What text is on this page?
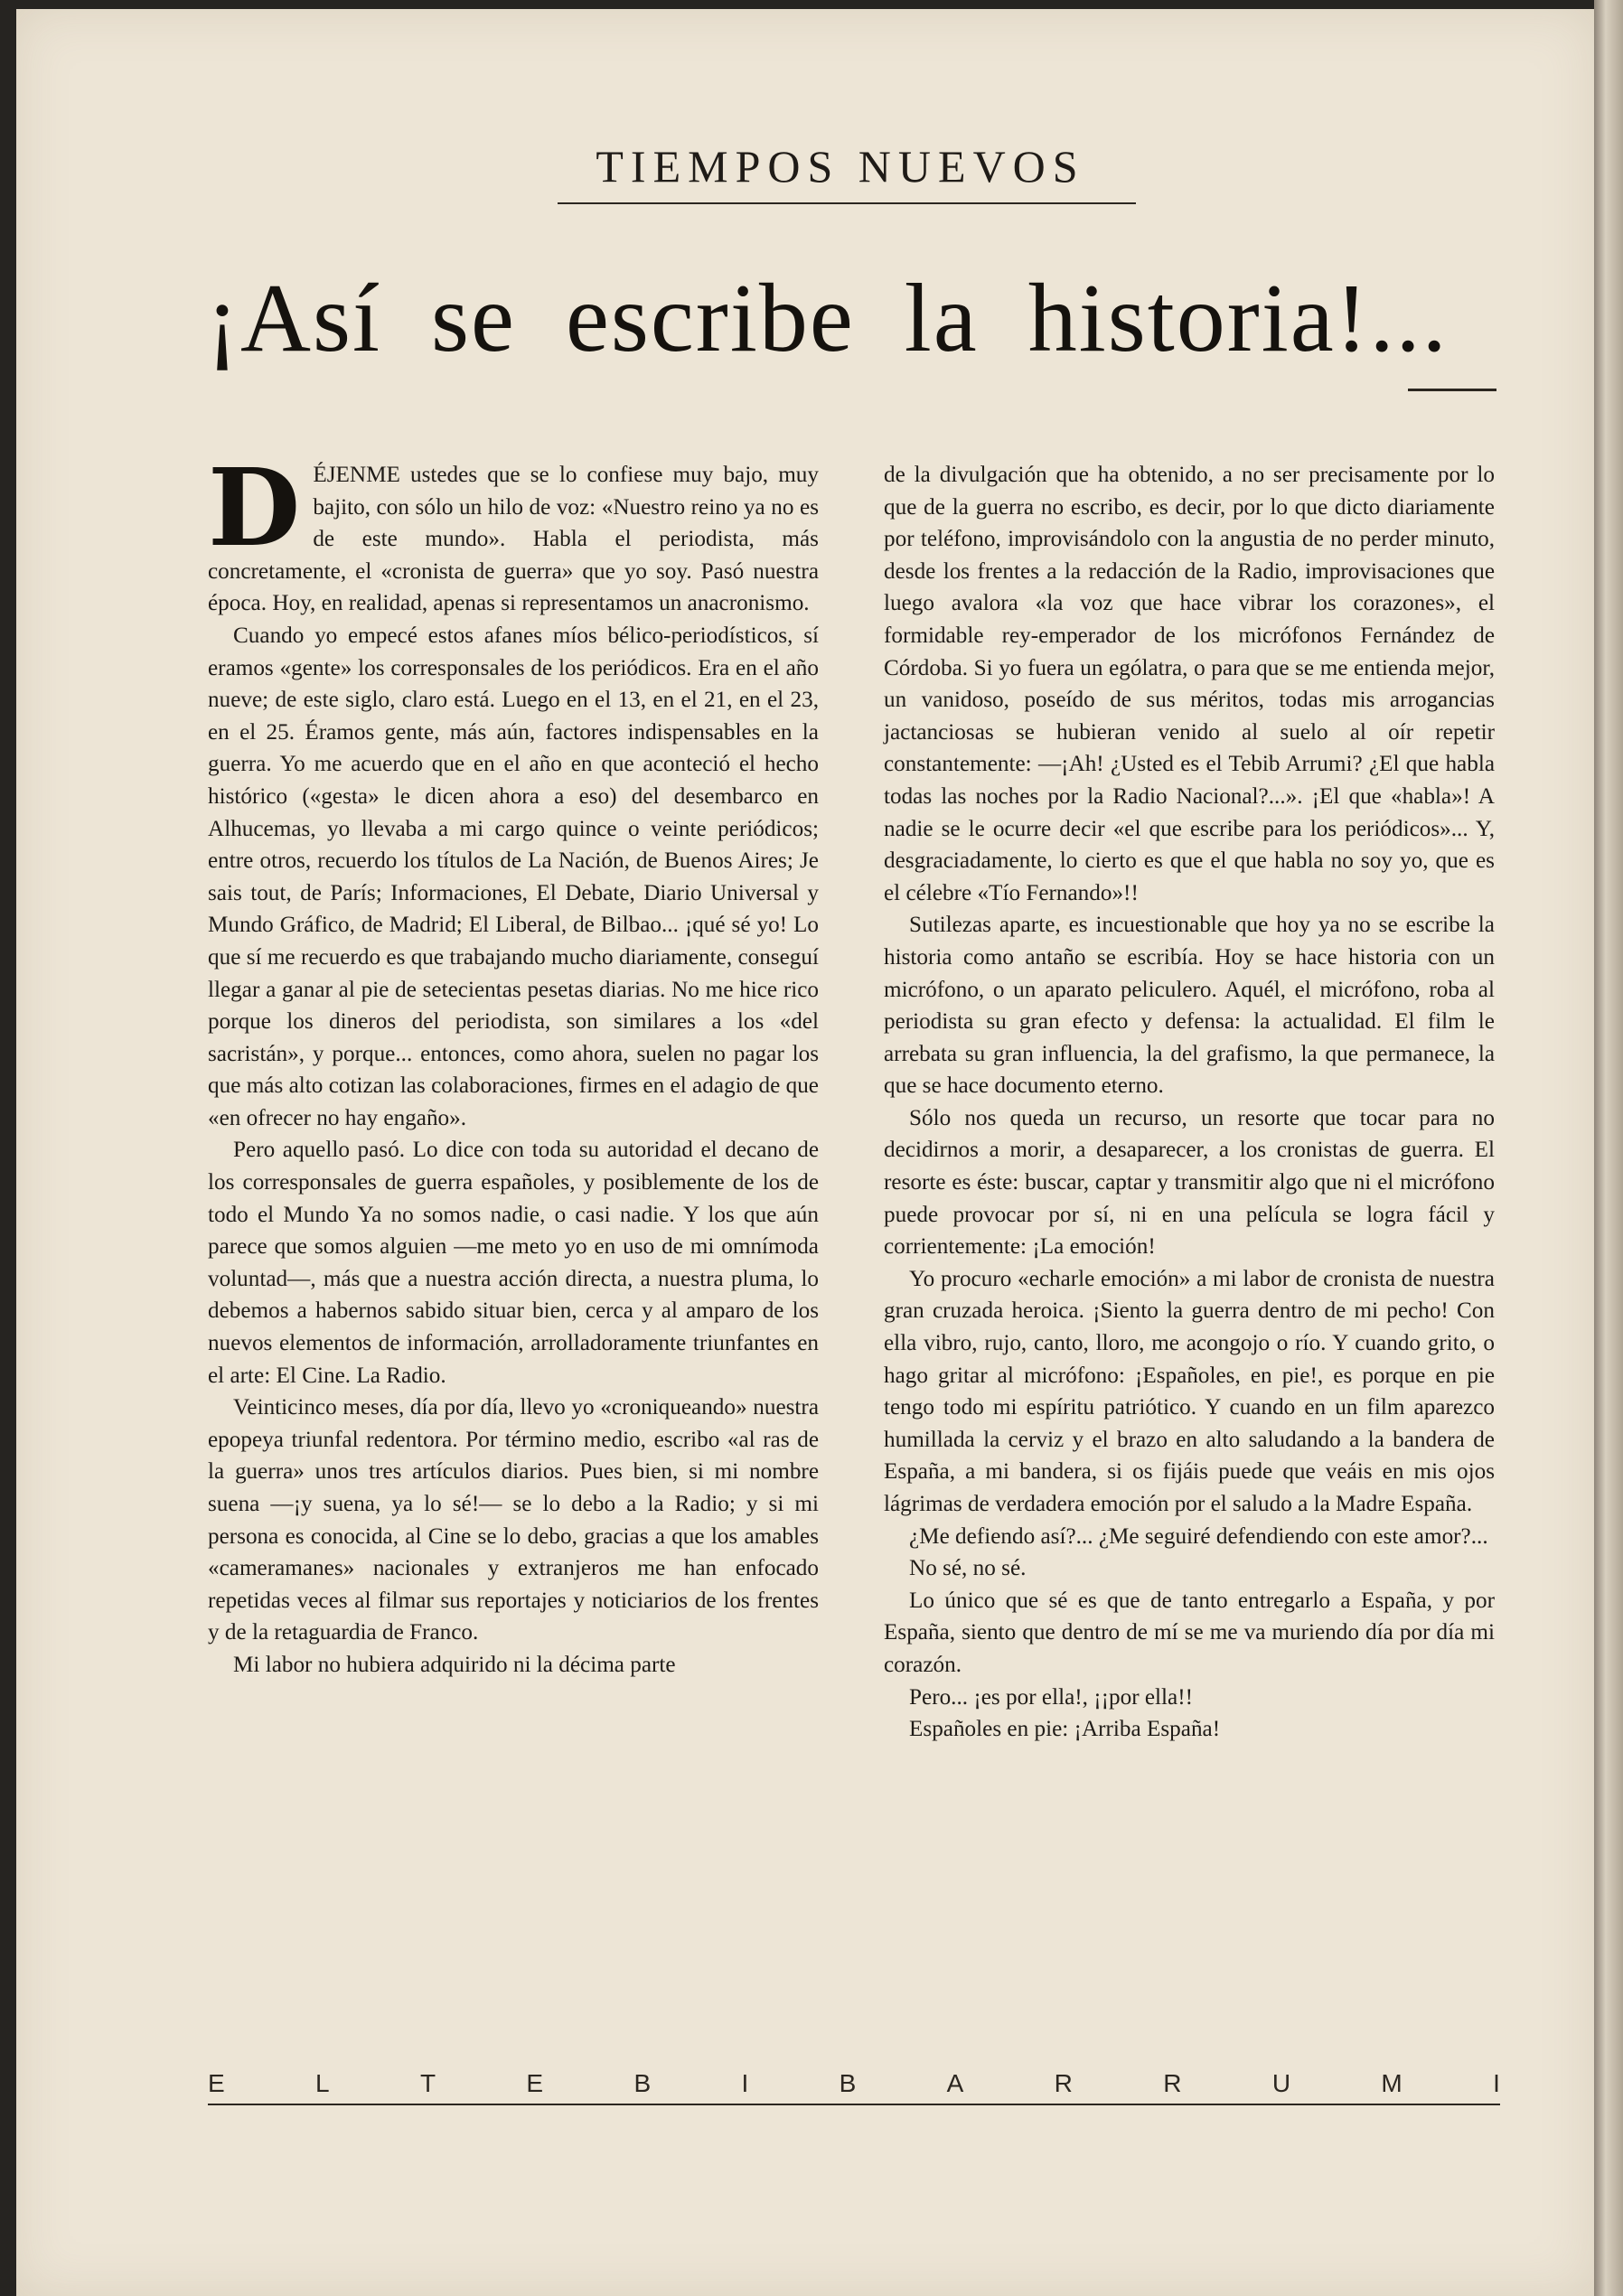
TIEMPOS NUEVOS
¡Así se escribe la historia!...
D ÉJENME ustedes que se lo confiese muy bajo, muy bajito, con sólo un hilo de voz: «Nuestro reino ya no es de este mundo». Habla el periodista, más concretamente, el «cronista de guerra» que yo soy. Pasó nuestra época. Hoy, en realidad, apenas si representamos un anacronismo.

Cuando yo empecé estos afanes míos bélico-periodísticos, sí eramos «gente» los corresponsales de los periódicos. Era en el año nueve; de este siglo, claro está. Luego en el 13, en el 21, en el 23, en el 25. Éramos gente, más aún, factores indispensables en la guerra. Yo me acuerdo que en el año en que aconteció el hecho histórico («gesta» le dicen ahora a eso) del desembarco en Alhucemas, yo llevaba a mi cargo quince o veinte periódicos; entre otros, recuerdo los títulos de La Nación, de Buenos Aires; Je sais tout, de París; Informaciones, El Debate, Diario Universal y Mundo Gráfico, de Madrid; El Liberal, de Bilbao... ¡qué sé yo! Lo que sí me recuerdo es que trabajando mucho diariamente, conseguí llegar a ganar al pie de setecientas pesetas diarias. No me hice rico porque los dineros del periodista, son similares a los «del sacristán», y porque... entonces, como ahora, suelen no pagar los que más alto cotizan las colaboraciones, firmes en el adagio de que «en ofrecer no hay engaño».

Pero aquello pasó. Lo dice con toda su autoridad el decano de los corresponsales de guerra españoles, y posiblemente de los de todo el Mundo Ya no somos nadie, o casi nadie. Y los que aún parece que somos alguien —me meto yo en uso de mi omnímoda voluntad—, más que a nuestra acción directa, a nuestra pluma, lo debemos a habernos sabido situar bien, cerca y al amparo de los nuevos elementos de información, arrolladoramente triunfantes en el arte: El Cine. La Radio.

Veinticinco meses, día por día, llevo yo «croniqueando» nuestra epopeya triunfal redentora. Por término medio, escribo «al ras de la guerra» unos tres artículos diarios. Pues bien, si mi nombre suena —¡y suena, ya lo sé!— se lo debo a la Radio; y si mi persona es conocida, al Cine se lo debo, gracias a que los amables «cameramanes» nacionales y extranjeros me han enfocado repetidas veces al filmar sus reportajes y noticiarios de los frentes y de la retaguardia de Franco.

Mi labor no hubiera adquirido ni la décima parte

de la divulgación que ha obtenido, a no ser precisamente por lo que de la guerra no escribo, es decir, por lo que dicto diariamente por teléfono, improvisándolo con la angustia de no perder minuto, desde los frentes a la redacción de la Radio, improvisaciones que luego avalora «la voz que hace vibrar los corazones», el formidable rey-emperador de los micrófonos Fernández de Córdoba. Si yo fuera un ególatra, o para que se me entienda mejor, un vanidoso, poseído de sus méritos, todas mis arrogancias jactanciosas se hubieran venido al suelo al oír repetir constantemente: —¡Ah! ¿Usted es el Tebib Arrumi? ¿El que habla todas las noches por la Radio Nacional?...». ¡El que «habla»! A nadie se le ocurre decir «el que escribe para los periódicos»... Y, desgraciadamente, lo cierto es que el que habla no soy yo, que es el célebre «Tío Fernando»!!

Sutilezas aparte, es incuestionable que hoy ya no se escribe la historia como antaño se escribía. Hoy se hace historia con un micrófono, o un aparato peliculero. Aquél, el micrófono, roba al periodista su gran efecto y defensa: la actualidad. El film le arrebata su gran influencia, la del grafismo, la que permanece, la que se hace documento eterno.

Sólo nos queda un recurso, un resorte que tocar para no decidirnos a morir, a desaparecer, a los cronistas de guerra. El resorte es éste: buscar, captar y transmitir algo que ni el micrófono puede provocar por sí, ni en una película se logra fácil y corrientemente: ¡La emoción!

Yo procuro «echarle emoción» a mi labor de cronista de nuestra gran cruzada heroica. ¡Siento la guerra dentro de mi pecho! Con ella vibro, rujo, canto, lloro, me acongojo o río. Y cuando grito, o hago gritar al micrófono: ¡Españoles, en pie!, es porque en pie tengo todo mi espíritu patriótico. Y cuando en un film aparezco humillada la cerviz y el brazo en alto saludando a la bandera de España, a mi bandera, si os fijáis puede que veáis en mis ojos lágrimas de verdadera emoción por el saludo a la Madre España.

¿Me defiendo así?... ¿Me seguiré defendiendo con este amor?...

No sé, no sé.

Lo único que sé es que de tanto entregarlo a España, y por España, siento que dentro de mí se me va muriendo día por día mi corazón.

Pero... ¡es por ella!, ¡¡por ella!!

Españoles en pie: ¡Arriba España!

E	L	T	E	B	I	B	A	R	R	U	M	I
